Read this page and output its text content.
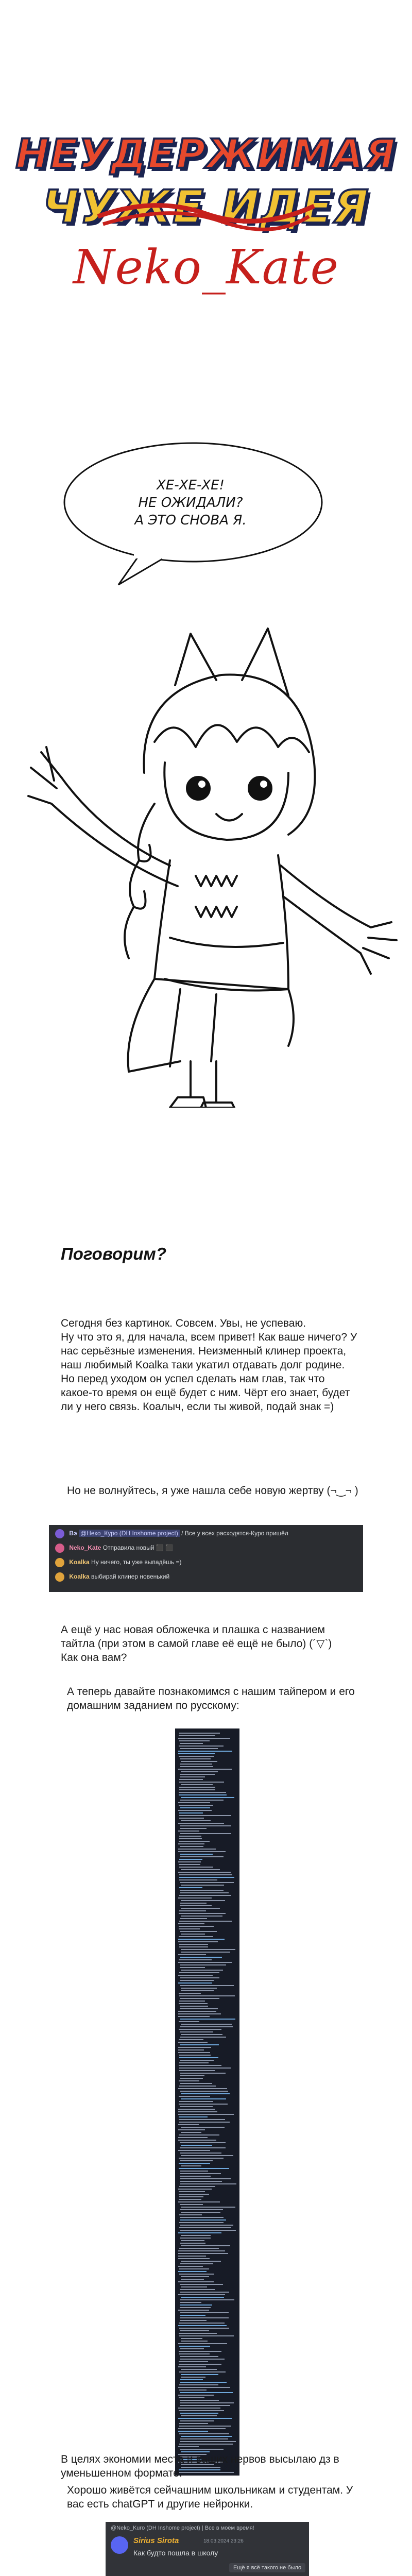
НЕУДЕРЖИМАЯ
ЧУЖЕ ИДЕЯ
Neko_Kate
ХЕ-ХЕ-ХЕ!
НЕ ОЖИДАЛИ?
А ЭТО СНОВА Я.
Поговорим?
Сегодня без картинок. Совсем. Увы, не успеваю.
Ну что это я, для начала, всем привет! Как ваше ничего? У
нас серьёзные изменения. Неизменный клинер проекта,
наш любимый Koalka таки укатил отдавать долг родине.
Но перед уходом он успел сделать нам глав, так что
какое-то время он ещё будет с ним. Чёрт его знает, будет
ли у него связь. Коалыч, если ты живой, подай знак =)
Но не волнуйтесь, я уже нашла себе новую жертву (¬‿¬ )
Вэ @Неко_Куро (DH Inshome project) / Все у всех расходятся-Куро пришёл
Neko_Kate Отправила новый ⬛ ⬛
Koalka Ну ничего, ты уже выпадёшь =)
Koalka выбирай клинер новенький
А ещё у нас новая обложечка и плашка с названием
тайтла (при этом в самой главе её ещё не было) (´▽`)
Как она вам?
А теперь давайте познакомимся с нашим тайпером и его
домашним заданием по русскому:
В целях экономии места и ваших нервов высылаю дз в
уменьшенном формате.
Хорошо живётся сейчашним школьникам и студентам. У
вас есть chatGPT и другие нейронки.
@Neko_Kuro (DH Inshome project) | Все в моём время!
Sirius Sirota	18.03.2024 23:26
Как будто пошла в школу
Ещё я всё такого не было
